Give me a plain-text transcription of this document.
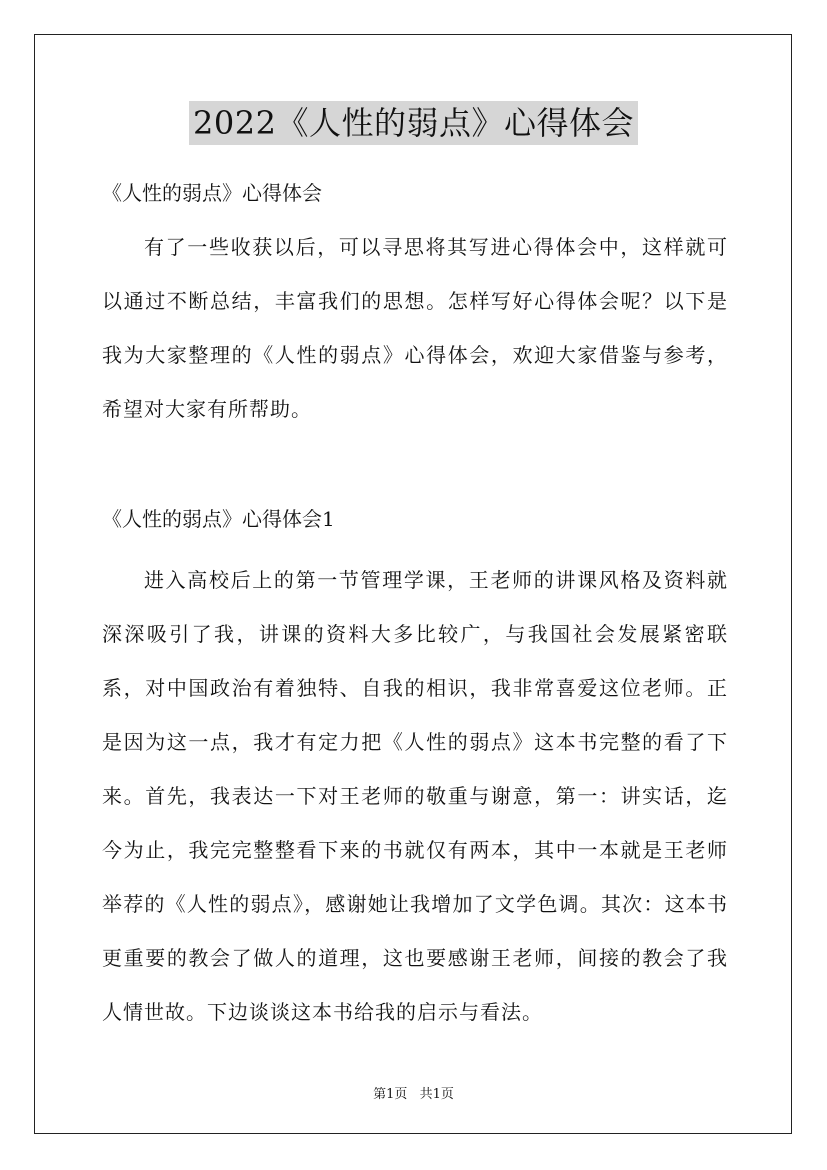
2022《人性的弱点》心得体会
《人性的弱点》心得体会

有了一些收获以后，可以寻思将其写进心得体会中，这样就可以通过不断总结，丰富我们的思想。怎样写好心得体会呢？以下是我为大家整理的《人性的弱点》心得体会，欢迎大家借鉴与参考，希望对大家有所帮助。

《人性的弱点》心得体会1

进入高校后上的第一节管理学课，王老师的讲课风格及资料就深深吸引了我，讲课的资料大多比较广，与我国社会发展紧密联系，对中国政治有着独特、自我的相识，我非常喜爱这位老师。正是因为这一点，我才有定力把《人性的弱点》这本书完整的看了下来。首先，我表达一下对王老师的敬重与谢意，第一：讲实话，迄今为止，我完完整整看下来的书就仅有两本，其中一本就是王老师举荐的《人性的弱点》，感谢她让我增加了文学色调。其次：这本书更重要的教会了做人的道理，这也要感谢王老师，间接的教会了我人情世故。下边谈谈这本书给我的启示与看法。

第1页 共1页
